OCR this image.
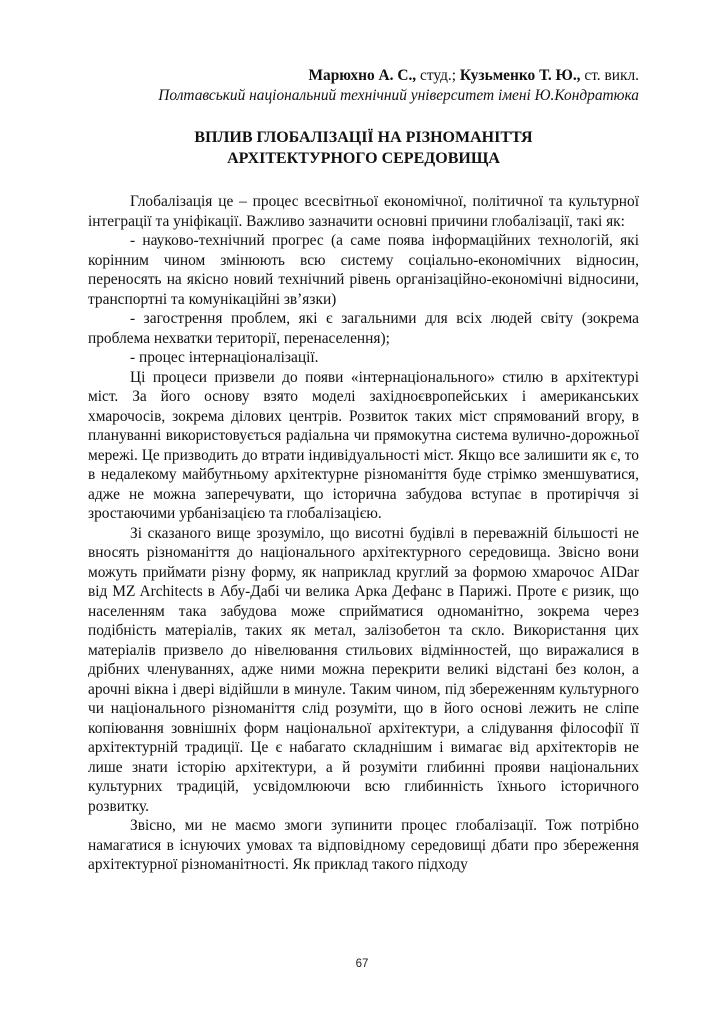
Марюхно А. С., студ.; Кузьменко Т. Ю., ст. викл.
Полтавський національний технічний університет імені Ю.Кондратюка
ВПЛИВ ГЛОБАЛІЗАЦІЇ НА РІЗНОМАНІТТЯ
АРХІТЕКТУРНОГО СЕРЕДОВИЩА

Глобалізація це – процес всесвітньої економічної, політичної та культурної інтеграції та уніфікації. Важливо зазначити основні причини глобалізації, такі як:

- науково-технічний прогрес (а саме поява інформаційних технологій, які корінним чином змінюють всю систему соціально-економічних відносин, переносять на якісно новий технічний рівень організаційно-економічні відносини, транспортні та комунікаційні зв’язки)

- загострення проблем, які є загальними для всіх людей світу (зокрема проблема нехватки території, перенаселення);

- процес інтернаціоналізації.

Ці процеси призвели до появи «інтернаціонального» стилю в архітектурі міст. За його основу взято моделі західноєвропейських і американських хмарочосів, зокрема ділових центрів. Розвиток таких міст спрямований вгору, в плануванні використовується радіальна чи прямокутна система вулично-дорожньої мережі. Це призводить до втрати індивідуальності міст. Якщо все залишити як є, то в недалекому майбутньому архітектурне різноманіття буде стрімко зменшуватися, адже не можна заперечувати, що історична забудова вступає в протиріччя зі зростаючими урбанізацією та глобалізацією.

Зі сказаного вище зрозуміло, що висотні будівлі в переважній більшості не вносять різноманіття до національного архітектурного середовища. Звісно вони можуть приймати різну форму, як наприклад круглий за формою хмарочос AIDar від MZ Architects в Абу-Дабі чи велика Арка Дефанс в Парижі. Проте є ризик, що населенням така забудова може сприйматися одноманітно, зокрема через подібність матеріалів, таких як метал, залізобетон та скло. Використання цих матеріалів призвело до нівелювання стильових відмінностей, що виражалися в дрібних членуваннях, адже ними можна перекрити великі відстані без колон, а арочні вікна і двері відійшли в минуле. Таким чином, під збереженням культурного чи національного різноманіття слід розуміти, що в його основі лежить не сліпе копіювання зовнішніх форм національної архітектури, а слідування філософії її архітектурній традиції. Це є набагато складнішим і вимагає від архітекторів не лише знати історію архітектури, а й розуміти глибинні прояви національних культурних традицій, усвідомлюючи всю глибинність їхнього історичного розвитку.

Звісно, ми не маємо змоги зупинити процес глобалізації. Тож потрібно намагатися в існуючих умовах та відповідному середовищі дбати про збереження архітектурної різноманітності. Як приклад такого підходу

67
